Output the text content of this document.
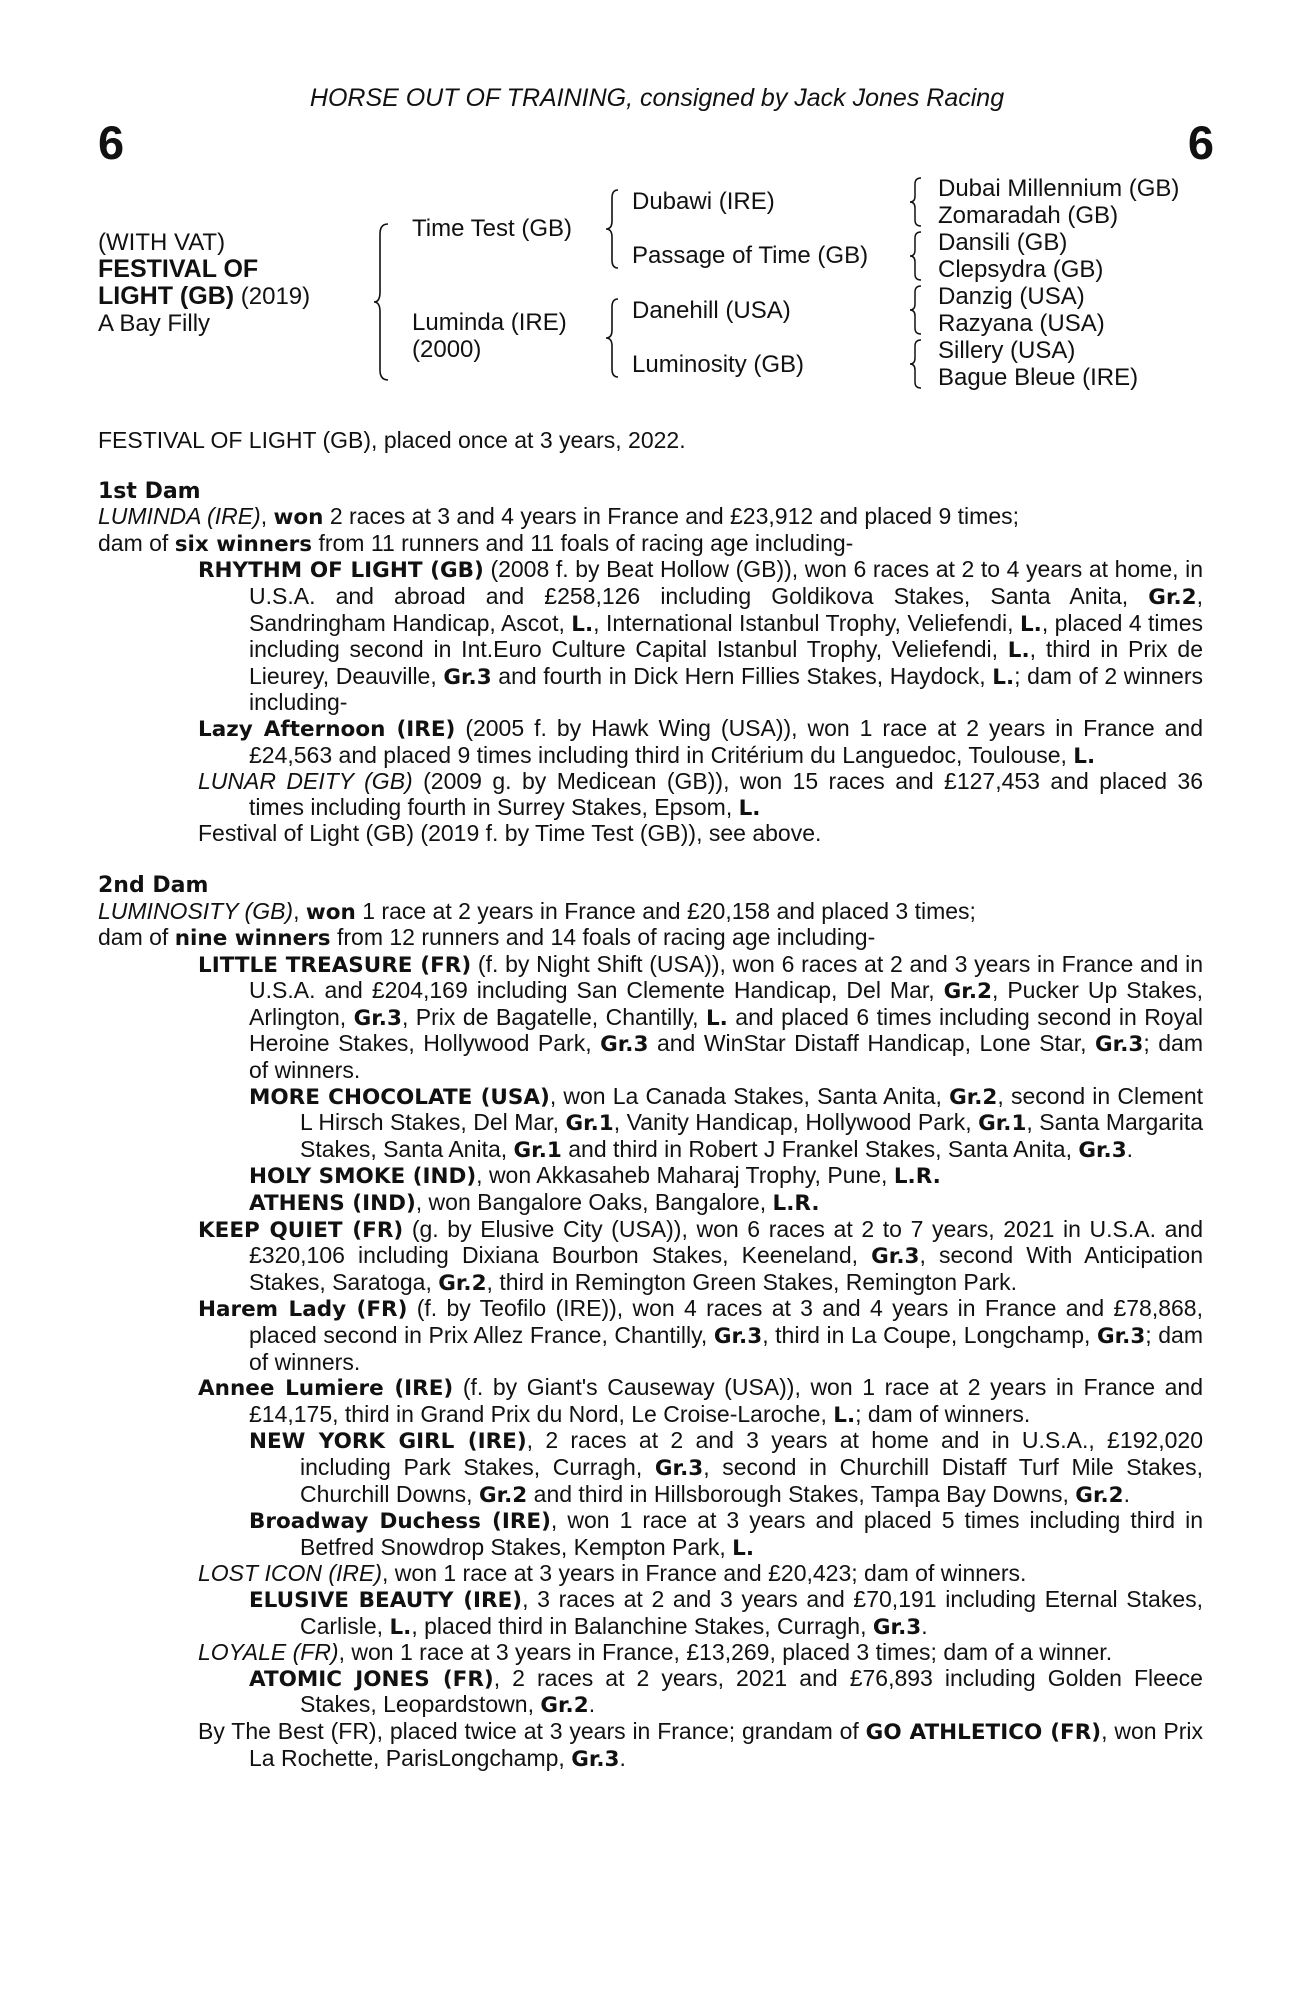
HORSE OUT OF TRAINING, consigned by Jack Jones Racing
6	6
(WITH VAT)
FESTIVAL OF
LIGHT (GB) (2019)
A Bay Filly
Time Test (GB)
Luminda (IRE)
(2000)
Dubawi (IRE)
Passage of Time (GB)
Danehill (USA)
Luminosity (GB)
Dubai Millennium (GB)
Zomaradah (GB)
Dansili (GB)
Clepsydra (GB)
Danzig (USA)
Razyana (USA)
Sillery (USA)
Bague Bleue (IRE)

FESTIVAL OF LIGHT (GB), placed once at 3 years, 2022.

1st Dam

LUMINDA (IRE), won 2 races at 3 and 4 years in France and £23,912 and placed 9 times;

dam of six winners from 11 runners and 11 foals of racing age including-

RHYTHM OF LIGHT (GB) (2008 f. by Beat Hollow (GB)), won 6 races at 2 to 4 years at home, in U.S.A. and abroad and £258,126 including Goldikova Stakes, Santa Anita, Gr.2, Sandringham Handicap, Ascot, L., International Istanbul Trophy, Veliefendi, L., placed 4 times including second in Int.Euro Culture Capital Istanbul Trophy, Veliefendi, L., third in Prix de Lieurey, Deauville, Gr.3 and fourth in Dick Hern Fillies Stakes, Haydock, L.; dam of 2 winners including-

Lazy Afternoon (IRE) (2005 f. by Hawk Wing (USA)), won 1 race at 2 years in France and £24,563 and placed 9 times including third in Critérium du Languedoc, Toulouse, L.

LUNAR DEITY (GB) (2009 g. by Medicean (GB)), won 15 races and £127,453 and placed 36 times including fourth in Surrey Stakes, Epsom, L.

Festival of Light (GB) (2019 f. by Time Test (GB)), see above.

2nd Dam

LUMINOSITY (GB), won 1 race at 2 years in France and £20,158 and placed 3 times;

dam of nine winners from 12 runners and 14 foals of racing age including-

LITTLE TREASURE (FR) (f. by Night Shift (USA)), won 6 races at 2 and 3 years in France and in U.S.A. and £204,169 including San Clemente Handicap, Del Mar, Gr.2, Pucker Up Stakes, Arlington, Gr.3, Prix de Bagatelle, Chantilly, L. and placed 6 times including second in Royal Heroine Stakes, Hollywood Park, Gr.3 and WinStar Distaff Handicap, Lone Star, Gr.3; dam of winners.

MORE CHOCOLATE (USA), won La Canada Stakes, Santa Anita, Gr.2, second in Clement L Hirsch Stakes, Del Mar, Gr.1, Vanity Handicap, Hollywood Park, Gr.1, Santa Margarita Stakes, Santa Anita, Gr.1 and third in Robert J Frankel Stakes, Santa Anita, Gr.3.

HOLY SMOKE (IND), won Akkasaheb Maharaj Trophy, Pune, L.R.

ATHENS (IND), won Bangalore Oaks, Bangalore, L.R.

KEEP QUIET (FR) (g. by Elusive City (USA)), won 6 races at 2 to 7 years, 2021 in U.S.A. and £320,106 including Dixiana Bourbon Stakes, Keeneland, Gr.3, second With Anticipation Stakes, Saratoga, Gr.2, third in Remington Green Stakes, Remington Park.

Harem Lady (FR) (f. by Teofilo (IRE)), won 4 races at 3 and 4 years in France and £78,868, placed second in Prix Allez France, Chantilly, Gr.3, third in La Coupe, Longchamp, Gr.3; dam of winners.

Annee Lumiere (IRE) (f. by Giant's Causeway (USA)), won 1 race at 2 years in France and £14,175, third in Grand Prix du Nord, Le Croise-Laroche, L.; dam of winners.

NEW YORK GIRL (IRE), 2 races at 2 and 3 years at home and in U.S.A., £192,020 including Park Stakes, Curragh, Gr.3, second in Churchill Distaff Turf Mile Stakes, Churchill Downs, Gr.2 and third in Hillsborough Stakes, Tampa Bay Downs, Gr.2.

Broadway Duchess (IRE), won 1 race at 3 years and placed 5 times including third in Betfred Snowdrop Stakes, Kempton Park, L.

LOST ICON (IRE), won 1 race at 3 years in France and £20,423; dam of winners.

ELUSIVE BEAUTY (IRE), 3 races at 2 and 3 years and £70,191 including Eternal Stakes, Carlisle, L., placed third in Balanchine Stakes, Curragh, Gr.3.

LOYALE (FR), won 1 race at 3 years in France, £13,269, placed 3 times; dam of a winner.

ATOMIC JONES (FR), 2 races at 2 years, 2021 and £76,893 including Golden Fleece Stakes, Leopardstown, Gr.2.

By The Best (FR), placed twice at 3 years in France; grandam of GO ATHLETICO (FR), won Prix La Rochette, ParisLongchamp, Gr.3.
